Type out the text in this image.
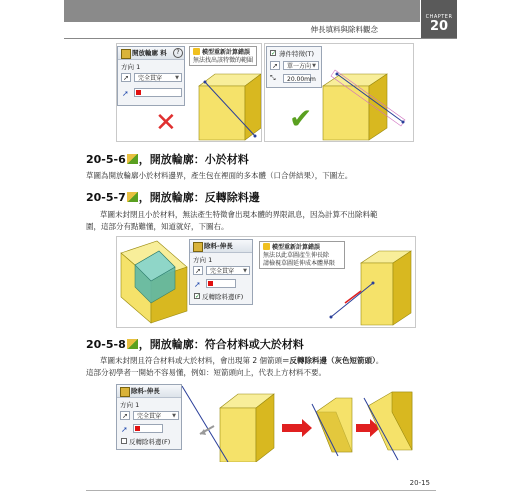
伸長填料與除料觀念
CHAPTER
20
開放輪廓 料	?
方向 1
➚	完全貫穿	▼
➚
模型重新計算錯誤
無法找出該特徵的範圍
✕
✓ 薄件特徵(T)
➚	單一方向 ▼
⤡	20.00mm
✔
20-5-6 ，開放輪廓：小於材料
草圖為開放輪廓小於材料邊界，產生包在裡面的多本體（口合併結果），下圖左。
20-5-7 ，開放輪廓：反轉除料邊
草圖未封閉且小於材料，無法產生特徵會出現本體的界限訊息，因為計算不出除料範
圍，這部分有點難懂，知道就好，下圖右。
除料-伸長
方向 1
➚	完全貫穿 ▼
➚
✓ 反轉除料邊(F)
模型重新計算錯誤
無法以此草圖產生伸長除
請檢視草圖延伸成本體界限
20-5-8 ，開放輪廓：符合材料或大於材料
草圖未封閉且符合材料或大於材料，會出現第 2 個箭頭＝反轉除料邊（灰色短箭頭）。
這部分初學者一開始不容易懂，例如：短箭頭向上，代表上方材料不要。
除料-伸長
方向 1
➚	完全貫穿 ▼
➚
反轉除料邊(F)
20-15
